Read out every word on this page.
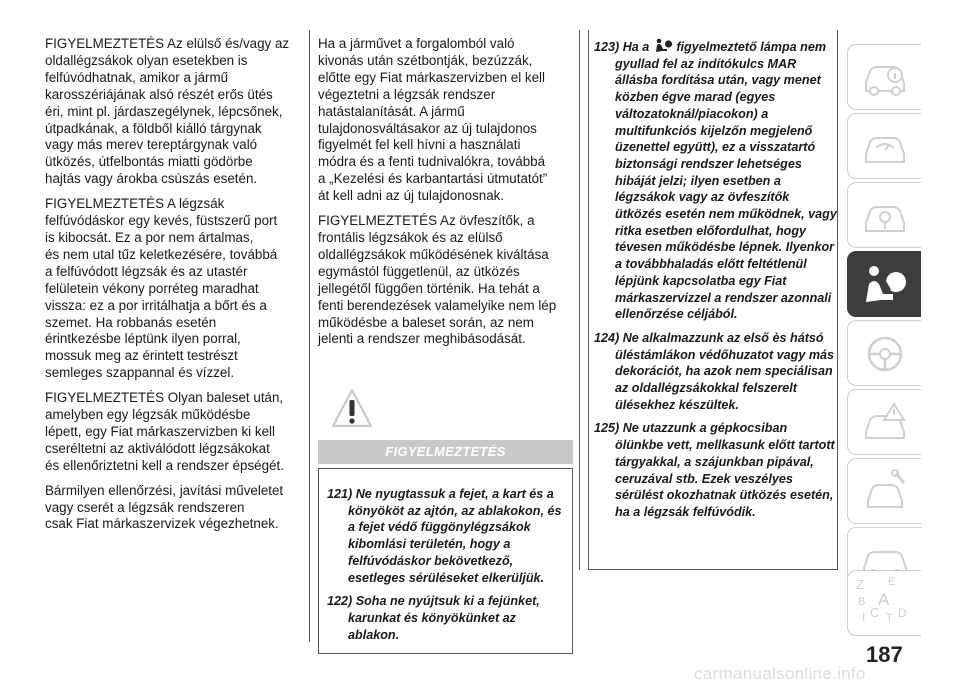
FIGYELMEZTETÉS Az elülső és/vagy az
oldallégzsákok olyan esetekben is
felfúvódhatnak, amikor a jármű
karosszériájának alsó részét erős ütés
éri, mint pl. járdaszegélynek, lépcsőnek,
útpadkának, a földből kiálló tárgynak
vagy más merev tereptárgynak való
ütközés, útfelbontás miatti gödörbe
hajtás vagy árokba csúszás esetén.

FIGYELMEZTETÉS A légzsák
felfúvódáskor egy kevés, füstszerű port
is kibocsát. Ez a por nem ártalmas,
és nem utal tűz keletkezésére, továbbá
a felfúvódott légzsák és az utastér
felületein vékony porréteg maradhat
vissza: ez a por irritálhatja a bőrt és a
szemet. Ha robbanás esetén
érintkezésbe léptünk ilyen porral,
mossuk meg az érintett testrészt
semleges szappannal és vízzel.

FIGYELMEZTETÉS Olyan baleset után,
amelyben egy légzsák működésbe
lépett, egy Fiat márkaszervizben ki kell
cseréltetni az aktiválódott légzsákokat
és ellenőriztetni kell a rendszer épségét.

Bármilyen ellenőrzési, javítási műveletet
vagy cserét a légzsák rendszeren
csak Fiat márkaszervizek végezhetnek.

Ha a járművet a forgalomból való
kivonás után szétbontják, bezúzzák,
előtte egy Fiat márkaszervizben el kell
végeztetni a légzsák rendszer
hatástalanítását. A jármű
tulajdonosváltásakor az új tulajdonos
figyelmét fel kell hívni a használati
módra és a fenti tudnivalókra, továbbá
a „Kezelési és karbantartási útmutatót”
át kell adni az új tulajdonosnak.

FIGYELMEZTETÉS Az övfeszítők, a
frontális légzsákok és az elülső
oldallégzsákok működésének kiváltása
egymástól függetlenül, az ütközés
jellegétől függően történik. Ha tehát a
fenti berendezések valamelyike nem lép
működésbe a baleset során, az nem
jelenti a rendszer meghibásodását.

FIGYELMEZTETÉS

121) Ne nyugtassuk a fejet, a kart és a könyököt az ajtón, az ablakokon, és a fejet védő függönylégzsákok kibomlási területén, hogy a felfúvódáskor bekövetkező, esetleges sérüléseket elkerüljük.

122) Soha ne nyújtsuk ki a fejünket, karunkat és könyökünket az ablakon.

123) Ha a figyelmeztető lámpa nem gyullad fel az indítókulcs MAR állásba fordítása után, vagy menet közben égve marad (egyes változatoknál/piacokon) a multifunkciós kijelzőn megjelenő üzenettel együtt), ez a visszatartó biztonsági rendszer lehetséges hibáját jelzi; ilyen esetben a légzsákok vagy az övfeszítők ütközés esetén nem működnek, vagy ritka esetben előfordulhat, hogy tévesen működésbe lépnek. Ilyenkor a továbbhaladás előtt feltétlenül lépjünk kapcsolatba egy Fiat márkaszervizzel a rendszer azonnali ellenőrzése céljából.

124) Ne alkalmazzunk az első ès hátsó üléstámlákon védőhuzatot vagy más dekorációt, ha azok nem speciálisan az oldallégzsákokkal felszerelt ülésekhez készültek.

125) Ne utazzunk a gépkocsiban ölünkbe vett, mellkasunk előtt tartott tárgyakkal, a szájunkban pipával, ceruzával stb. Ezek veszélyes sérülést okozhatnak ütközés esetén, ha a légzsák felfúvódik.

Z E
B A
I C T D
187
carmanualsonline.info
